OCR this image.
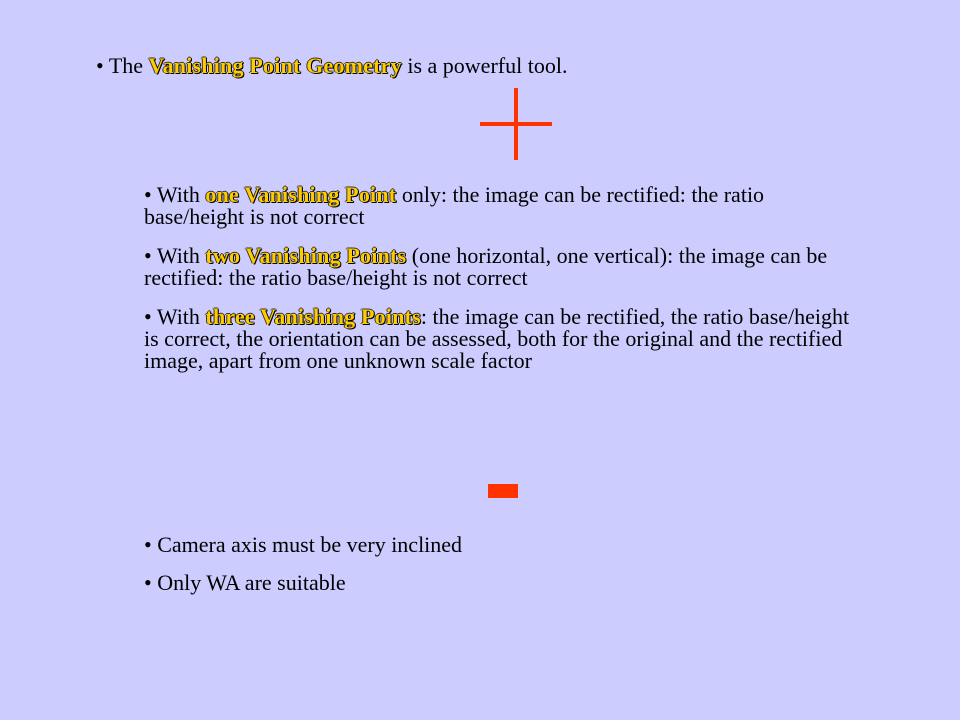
• The Vanishing Point Geometry is a powerful tool.
• With one Vanishing Point only: the image can be rectified: the ratio base/height is not correct
• With two Vanishing Points (one horizontal, one vertical): the image can be rectified: the ratio base/height is not correct
• With three Vanishing Points: the image can be rectified, the ratio base/height is correct, the orientation can be assessed, both for the original and the rectified image, apart from one unknown scale factor
• Camera axis must be very inclined
• Only WA are suitable
